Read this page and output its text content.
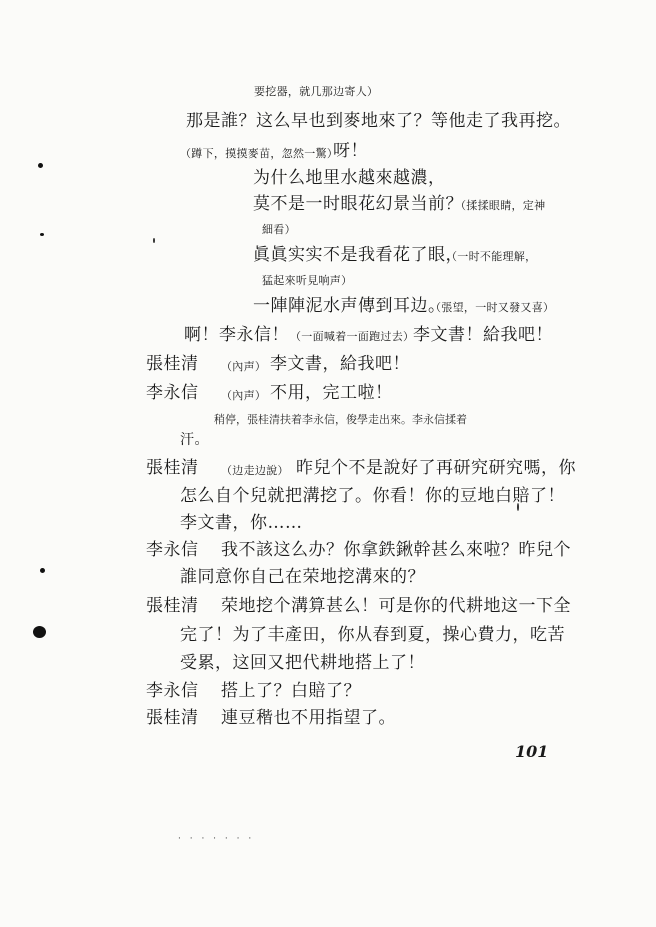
要挖器，就几那边寄人）
那是誰？这么早也到麥地來了？等他走了我再挖。
（蹲下，摸摸麥苗，忽然一驚）
呀！
为什么地里水越來越濃，
莫不是一时眼花幻景当前？
（揉揉眼睛，定神
細看）
眞眞实实不是我看花了眼，
（一时不能理解，
猛起來听見响声）
一陣陣泥水声傳到耳边。
（張望，一时又發又喜）
啊！李永信！ （一面喊着一面跑过去）
李文書！給我吧！
張桂清 （內声） 李文書，給我吧！
李永信 （內声） 不用，完工啦！
稍停，張桂清扶着李永信，俊學走出來。李永信揉着
汗。
張桂清 （边走边說） 昨兒个不是說好了再研究研究嗎，你
怎么自个兒就把溝挖了。你看！你的豆地白賠了！
李文書，你……
李永信 我不該这么办？你拿鉄鍬幹甚么來啦？昨兒个
誰同意你自己在荣地挖溝來的？
張桂清 荣地挖个溝算甚么！可是你的代耕地这一下全
完了！为了丰產田，你从春到夏，操心費力，吃苦
受累，这回又把代耕地搭上了！
李永信 搭上了？白賠了？
張桂清 連豆稭也不用指望了。
101
· · · · · · ·
